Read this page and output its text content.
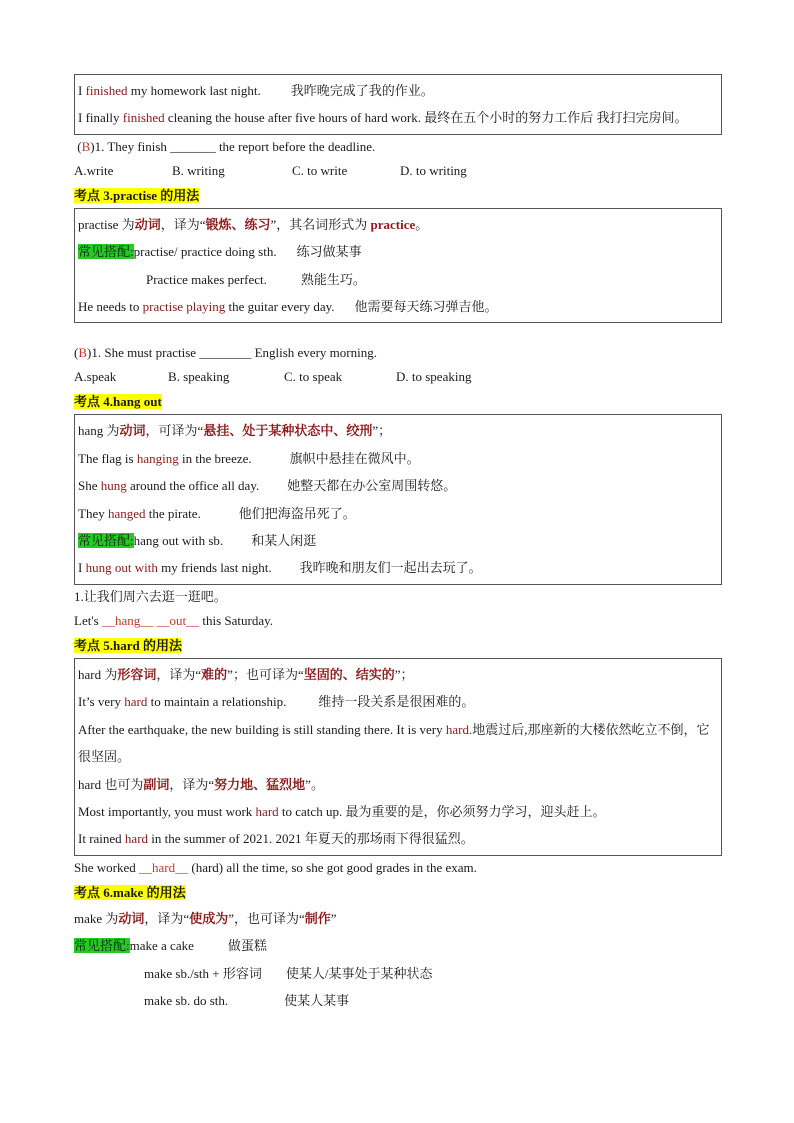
I finished my homework last night. 我昨晚完成了我的作业。
I finally finished cleaning the house after five hours of hard work. 最终在五个小时的努力工作后 我打扫完房间。
(B)1. They finish _______ the report before the deadline.
A.write	B. writing	C. to write	D. to writing
考点 3.practise 的用法
practise 为动词，译为“锻炼、练习”，其名词形式为 practice。
常见搭配:practise/ practice doing sth. 练习做某事
Practice makes perfect.	熟能生巧。
He needs to practise playing the guitar every day. 他需要每天练习弹吉他。
(B)1. She must practise ________ English every morning.
A.speak	B. speaking	C. to speak	D. to speaking
考点 4.hang out
hang 为动词，可译为“悬挂、处于某种状态中、绞刑”；
The flag is hanging in the breeze.	旗帜中悬挂在微风中。
She hung around the office all day. 她整天都在办公室周围转悠。
They hanged the pirate.	他们把海盗吊死了。
常见搭配:hang out with sb. 和某人闲逛
I hung out with my friends last night. 我昨晚和朋友们一起出去玩了。
1.让我们周六去逛一逛吧。
Let's __hang__ __out__ this Saturday.
考点 5.hard 的用法
hard 为形容词，译为“难的”；也可译为“坚固的、结实的”；
It’s very hard to maintain a relationship. 维持一段关系是很困难的。
After the earthquake, the new building is still standing there. It is very hard.地震过后,那座新的大楼依然屹立不倒，它很坚固。
hard 也可为副词，译为“努力地、猛烈地”。
Most importantly, you must work hard to catch up. 最为重要的是，你必须努力学习，迎头赶上。
It rained hard in the summer of 2021. 2021 年夏天的那场雨下得很猛烈。
She worked __hard__ (hard) all the time, so she got good grades in the exam.
考点 6.make 的用法
make 为动词，译为“使成为”，也可译为“制作”
常见搭配:make a cake	做蛋糕
make sb./sth + 形容词 使某人/某事处于某种状态
make sb. do sth.	使某人某事
